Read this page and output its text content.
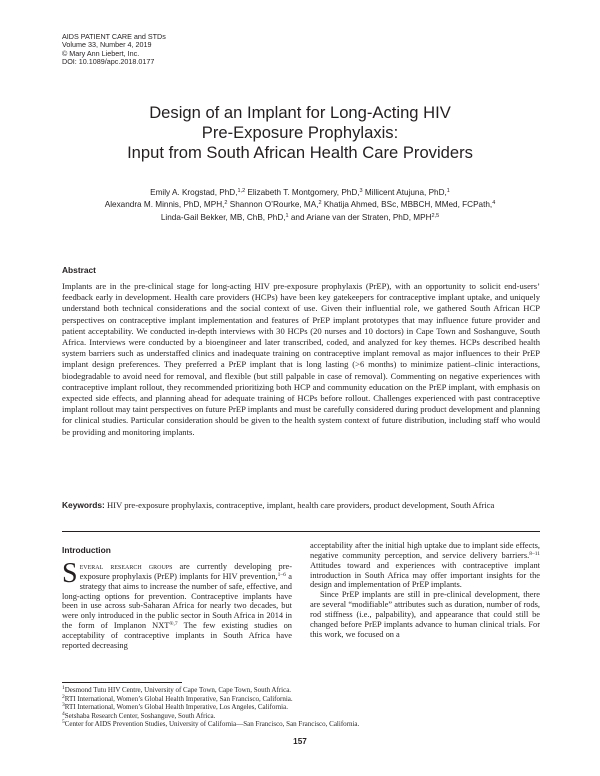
AIDS PATIENT CARE and STDs
Volume 33, Number 4, 2019
© Mary Ann Liebert, Inc.
DOI: 10.1089/apc.2018.0177
Design of an Implant for Long-Acting HIV
Pre-Exposure Prophylaxis:
Input from South African Health Care Providers
Emily A. Krogstad, PhD,$^{1,2}$ Elizabeth T. Montgomery, PhD,$^3$ Millicent Atujuna, PhD,$^1$
Alexandra M. Minnis, PhD, MPH,$^2$ Shannon O’Rourke, MA,$^2$ Khatija Ahmed, BSc, MBBCH, MMed, FCPath,$^4$
Linda-Gail Bekker, MB, ChB, PhD,$^1$ and Ariane van der Straten, PhD, MPH$^{2,5}$
Abstract
Implants are in the pre-clinical stage for long-acting HIV pre-exposure prophylaxis (PrEP), with an opportunity to solicit end-users’ feedback early in development. Health care providers (HCPs) have been key gatekeepers for contraceptive implant uptake, and uniquely understand both technical considerations and the social context of use. Given their influential role, we gathered South African HCP perspectives on contraceptive implant implementation and features of PrEP implant prototypes that may influence future provider and patient acceptability. We conducted in-depth interviews with 30 HCPs (20 nurses and 10 doctors) in Cape Town and Soshanguve, South Africa. Interviews were conducted by a bioengineer and later transcribed, coded, and analyzed for key themes. HCPs described health system barriers such as understaffed clinics and inadequate training on contraceptive implant removal as major influences to their PrEP implant design preferences. They preferred a PrEP implant that is long lasting (>6 months) to minimize patient–clinic interactions, biodegradable to avoid need for removal, and flexible (but still palpable in case of removal). Commenting on negative experiences with contraceptive implant rollout, they recommended prioritizing both HCP and community education on the PrEP implant, with emphasis on expected side effects, and planning ahead for adequate training of HCPs before rollout. Challenges experienced with past contraceptive implant rollout may taint perspectives on future PrEP implants and must be carefully considered during product development and planning for clinical studies. Particular consideration should be given to the health system context of future distribution, including staff who would be providing and monitoring implants.
Keywords: HIV pre-exposure prophylaxis, contraceptive, implant, health care providers, product development, South Africa
Introduction
Several research groups are currently developing pre-exposure prophylaxis (PrEP) implants for HIV prevention,$^{1-6}$ a strategy that aims to increase the number of safe, effective, and long-acting options for prevention. Contraceptive implants have been in use across sub-Saharan Africa for nearly two decades, but were only introduced in the public sector in South Africa in 2014 in the form of Implanon $NXT^{®,7}$ The few existing studies on acceptability of contraceptive implants in South Africa have reported decreasing
acceptability after the initial high uptake due to implant side effects, negative community perception, and service delivery barriers.$^{8-11}$ Attitudes toward and experiences with contraceptive implant introduction in South Africa may offer important insights for the design and implementation of PrEP implants.
Since PrEP implants are still in pre-clinical development, there are several “modifiable” attributes such as duration, number of rods, rod stiffness (i.e., palpability), and appearance that could still be changed before PrEP implants advance to human clinical trials. For this work, we focused on a
$^1$Desmond Tutu HIV Centre, University of Cape Town, Cape Town, South Africa.
$^2$RTI International, Women’s Global Health Imperative, San Francisco, California.
$^3$RTI International, Women’s Global Health Imperative, Los Angeles, California.
$^4$Setshaba Research Center, Soshanguve, South Africa.
$^5$Center for AIDS Prevention Studies, University of California—San Francisco, San Francisco, California.
157
